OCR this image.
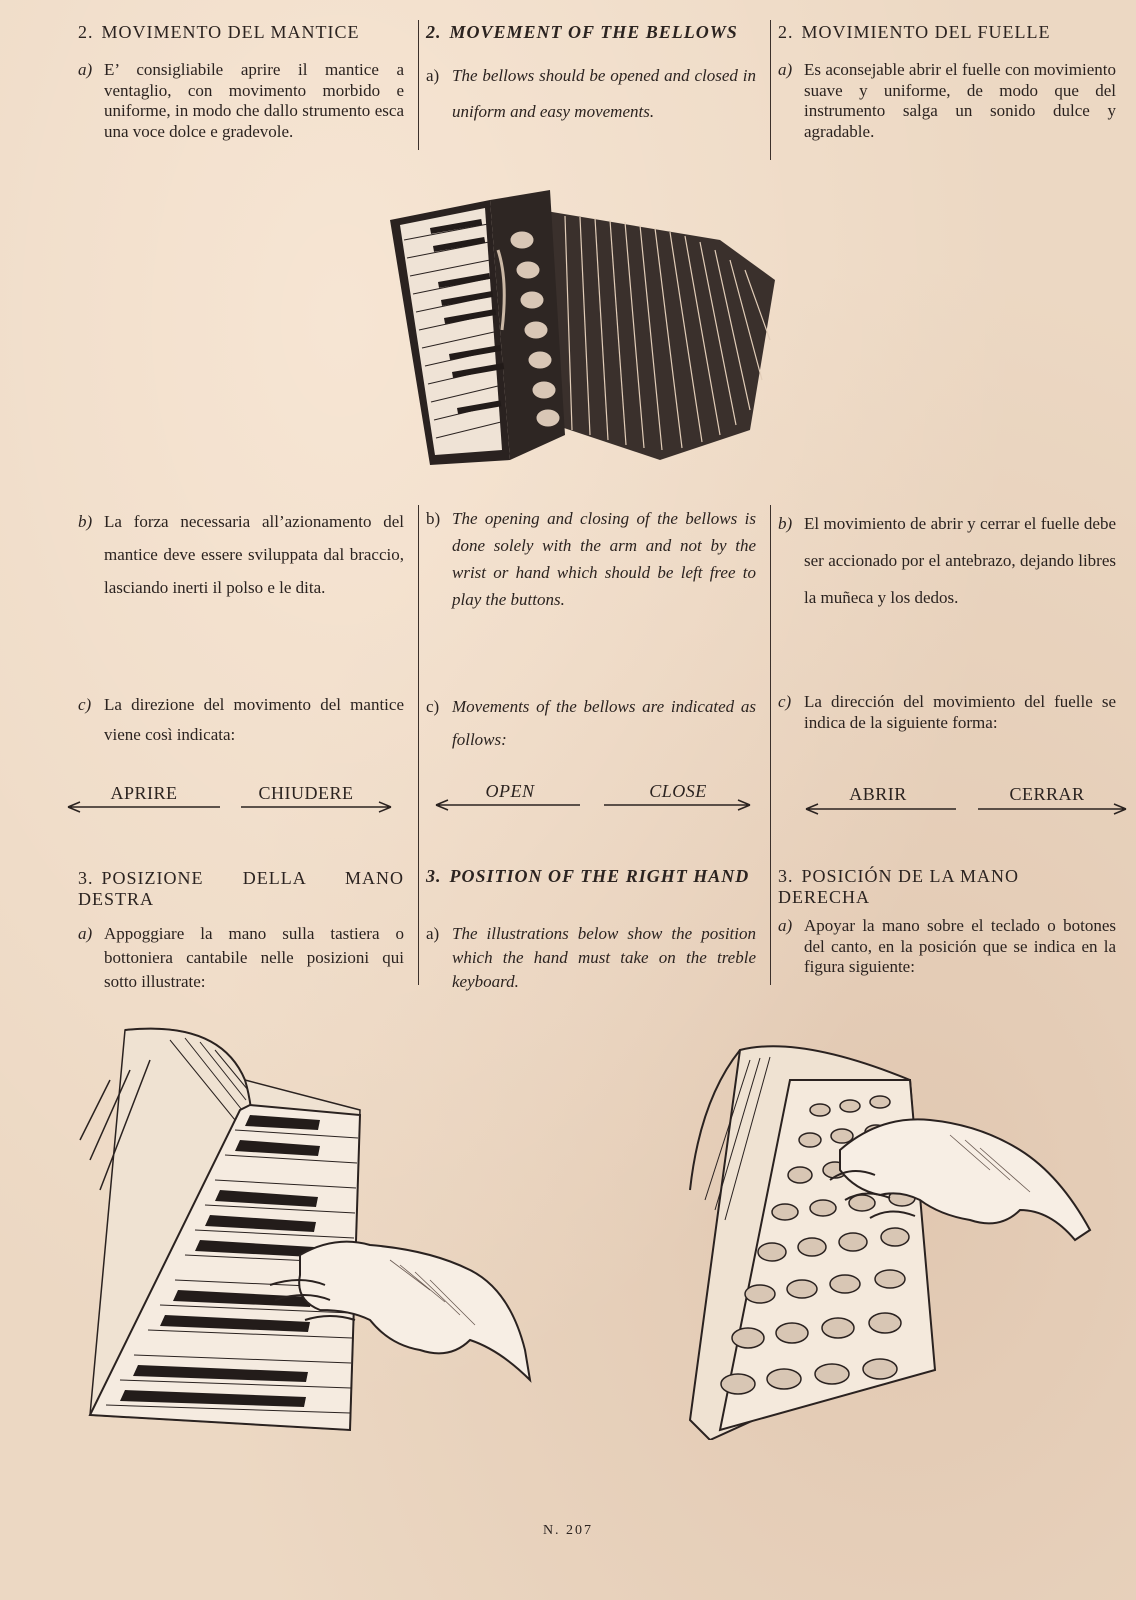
2. MOVIMENTO DEL MANTICE	2. MOVEMENT OF THE BELLOWS	2. MOVIMIENTO DEL FUELLE
a) E’ consigliabile aprire il mantice a ventaglio, con movimento morbido e uniforme, in modo che dallo strumento esca una voce dolce e gradevole.
a) The bellows should be opened and closed in uniform and easy movements.
a) Es aconsejable abrir el fuelle con movimiento suave y uniforme, de modo que del instrumento salga un sonido dulce y agradable.
b) La forza necessaria all’azionamento del mantice deve essere sviluppata dal braccio, lasciando inerti il polso e le dita.
b) The opening and closing of the bellows is done solely with the arm and not by the wrist or hand which should be left free to play the buttons.
b) El movimiento de abrir y cerrar el fuelle debe ser accionado por el antebrazo, dejando libres la muñeca y los dedos.
c) La direzione del movimento del mantice viene così indicata:
c) Movements of the bellows are indicated as follows:
c) La dirección del movimiento del fuelle se indica de la siguiente forma:
APRIRE	CHIUDERE	OPEN	CLOSE	ABRIR	CERRAR
3. POSIZIONE DELLA MANO DESTRA
3. POSITION OF THE RIGHT HAND	3. POSICIÓN DE LA MANO DERECHA
a) Appoggiare la mano sulla tastiera o bottoniera cantabile nelle posizioni qui sotto illustrate:
a) The illustrations below show the position which the hand must take on the treble keyboard.
a) Apoyar la mano sobre el teclado o botones del canto, en la posición que se indica en la figura siguiente:
N. 207
